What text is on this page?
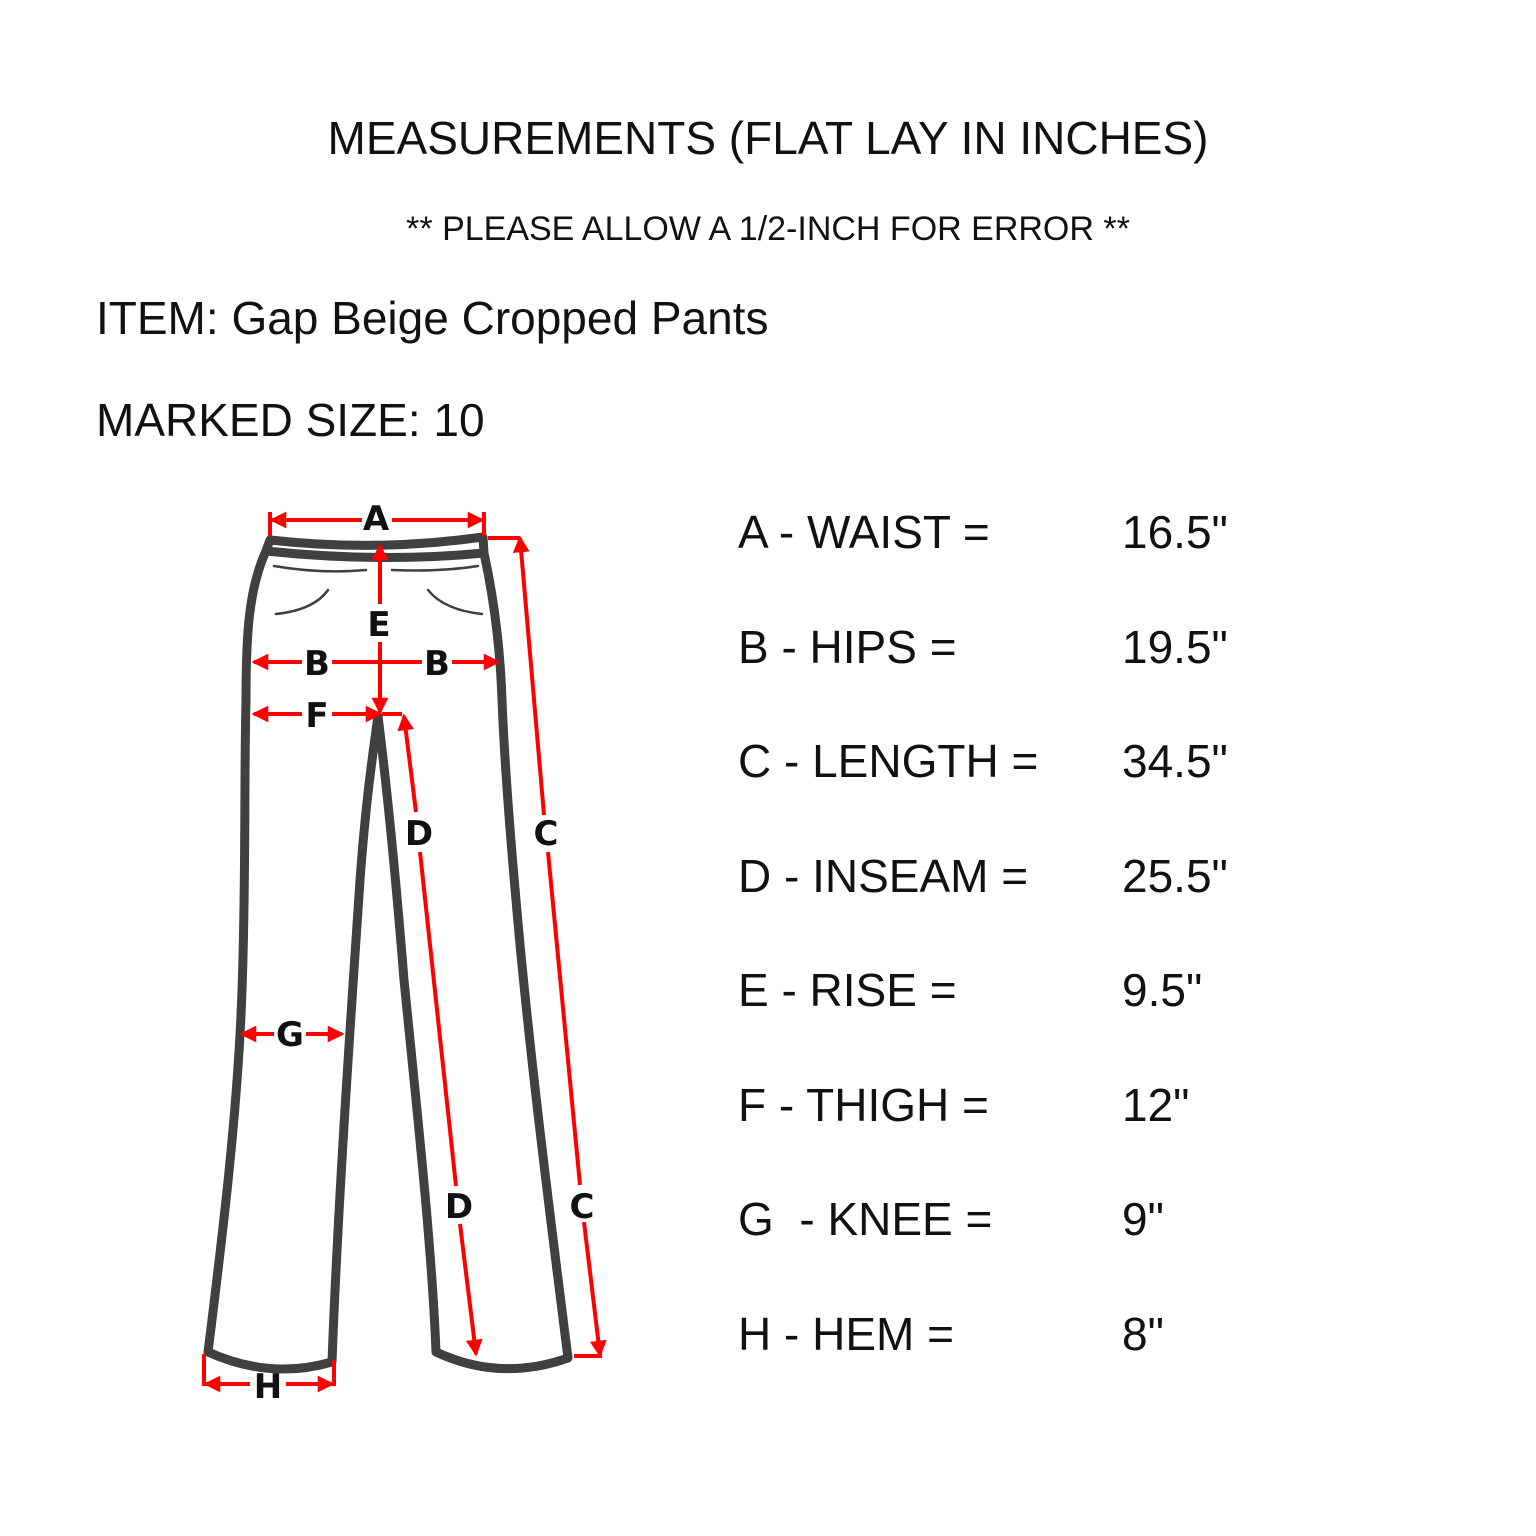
MEASUREMENTS (FLAT LAY IN INCHES)
** PLEASE ALLOW A 1/2-INCH FOR ERROR **
ITEM: Gap Beige Cropped Pants
MARKED SIZE: 10
A
E
B	B
F
D	C
G
D	C
H
A - WAIST =	16.5"
B - HIPS =	19.5"
C - LENGTH = 34.5"
D - INSEAM = 25.5"
E - RISE =	9.5"
F - THIGH =	12"
G  - KNEE =	9"
H - HEM =	8"
